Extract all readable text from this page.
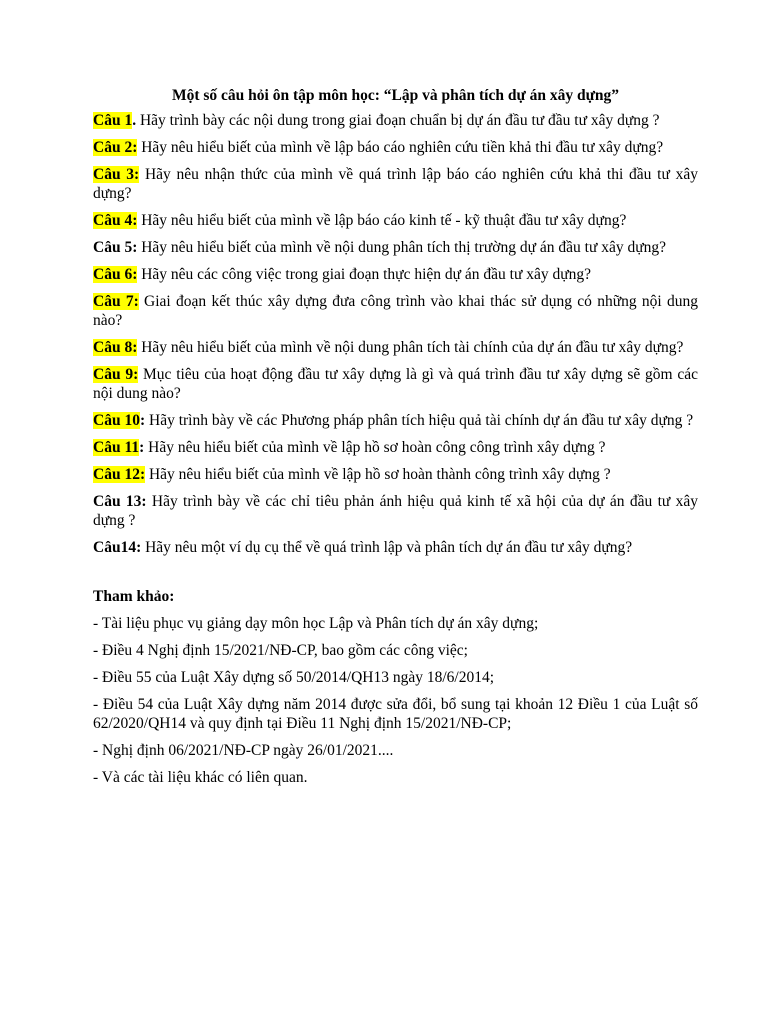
Một số câu hỏi ôn tập môn học: “Lập và phân tích dự án xây dựng”
Câu 1. Hãy trình bày các nội dung trong giai đoạn chuẩn bị dự án đầu tư đầu tư xây dựng ?
Câu 2: Hãy nêu hiểu biết của mình về lập báo cáo nghiên cứu tiền khả thi đầu tư xây dựng?
Câu 3: Hãy nêu nhận thức của mình về quá trình lập báo cáo nghiên cứu khả thi đầu tư xây dựng?
Câu 4: Hãy nêu hiểu biết của mình về lập báo cáo kinh tế - kỹ thuật đầu tư xây dựng?
Câu 5: Hãy nêu hiểu biết của mình về nội dung phân tích thị trường dự án đầu tư xây dựng?
Câu 6: Hãy nêu các công việc trong giai đoạn thực hiện dự án đầu tư xây dựng?
Câu 7: Giai đoạn kết thúc xây dựng đưa công trình vào khai thác sử dụng có những nội dung nào?
Câu 8: Hãy nêu hiểu biết của mình về nội dung phân tích tài chính của dự án đầu tư xây dựng?
Câu 9: Mục tiêu của hoạt động đầu tư xây dựng là gì và quá trình đầu tư xây dựng sẽ gồm các nội dung nào?
Câu 10: Hãy trình bày về các Phương pháp phân tích hiệu quả tài chính dự án đầu tư xây dựng ?
Câu 11: Hãy nêu hiểu biết của mình về lập hồ sơ hoàn công công trình xây dựng ?
Câu 12: Hãy nêu hiểu biết của mình về lập hồ sơ hoàn thành công trình xây dựng ?
Câu 13: Hãy trình bày về các chỉ tiêu phản ánh hiệu quả kinh tế xã hội của dự án đầu tư xây dựng ?
Câu14: Hãy nêu một ví dụ cụ thể về quá trình lập và phân tích dự án đầu tư xây dựng?
Tham khảo:
- Tài liệu phục vụ giảng dạy môn học Lập và Phân tích dự án xây dựng;
- Điều 4 Nghị định 15/2021/NĐ-CP, bao gồm các công việc;
- Điều 55 của Luật Xây dựng số 50/2014/QH13 ngày 18/6/2014;
- Điều 54 của Luật Xây dựng năm 2014 được sửa đổi, bổ sung tại khoản 12 Điều 1 của Luật số 62/2020/QH14 và quy định tại Điều 11 Nghị định 15/2021/NĐ-CP;
- Nghị định 06/2021/NĐ-CP ngày 26/01/2021....
- Và các tài liệu khác có liên quan.
